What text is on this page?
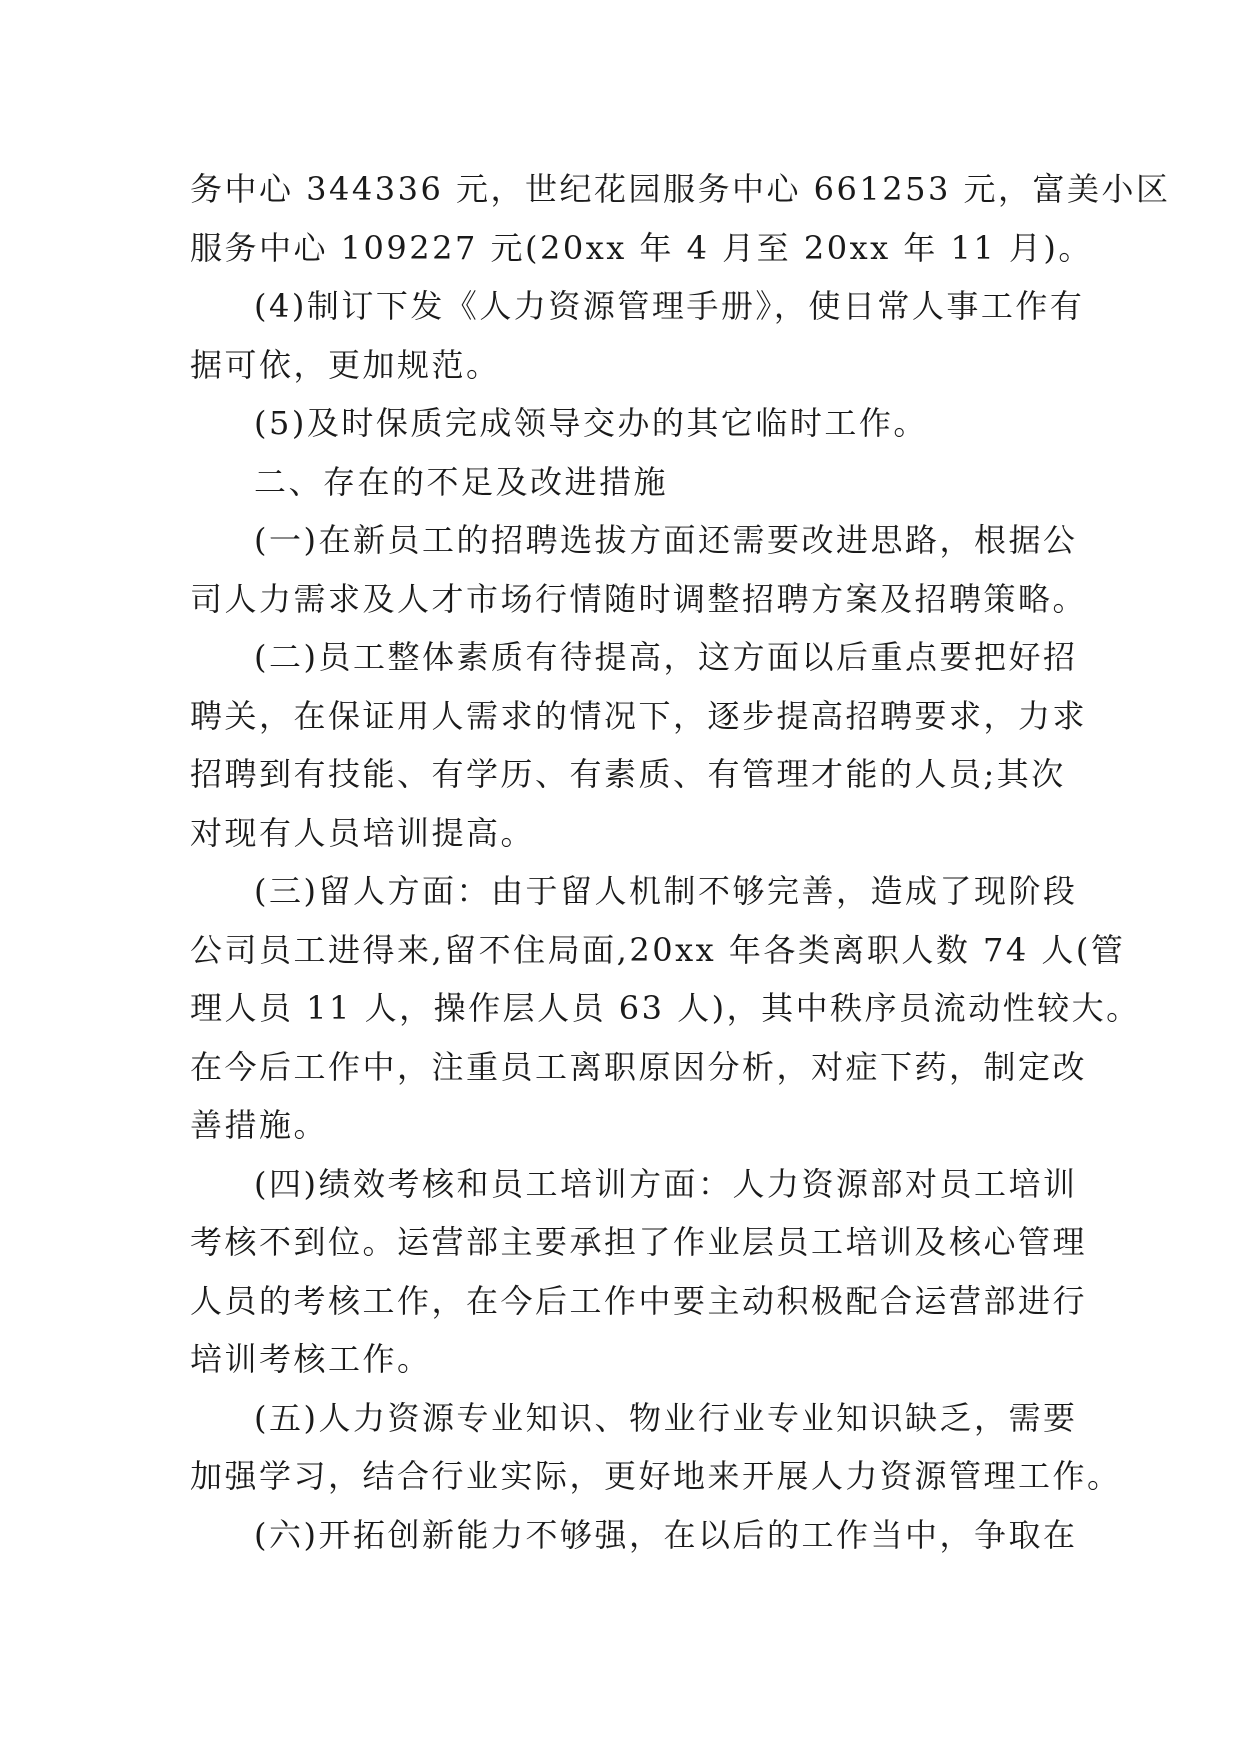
务中心 344336 元，世纪花园服务中心 661253 元，富美小区
服务中心 109227 元(20xx 年 4 月至 20xx 年 11 月)。

(4)制订下发《人力资源管理手册》，使日常人事工作有
据可依，更加规范。

(5)及时保质完成领导交办的其它临时工作。

二、存在的不足及改进措施

(一)在新员工的招聘选拔方面还需要改进思路，根据公
司人力需求及人才市场行情随时调整招聘方案及招聘策略。

(二)员工整体素质有待提高，这方面以后重点要把好招
聘关，在保证用人需求的情况下，逐步提高招聘要求，力求
招聘到有技能、有学历、有素质、有管理才能的人员;其次
对现有人员培训提高。

(三)留人方面：由于留人机制不够完善，造成了现阶段
公司员工进得来,留不住局面,20xx 年各类离职人数 74 人(管
理人员 11 人，操作层人员 63 人)，其中秩序员流动性较大。
在今后工作中，注重员工离职原因分析，对症下药，制定改
善措施。

(四)绩效考核和员工培训方面：人力资源部对员工培训
考核不到位。运营部主要承担了作业层员工培训及核心管理
人员的考核工作，在今后工作中要主动积极配合运营部进行
培训考核工作。

(五)人力资源专业知识、物业行业专业知识缺乏，需要
加强学习，结合行业实际，更好地来开展人力资源管理工作。

(六)开拓创新能力不够强，在以后的工作当中，争取在
